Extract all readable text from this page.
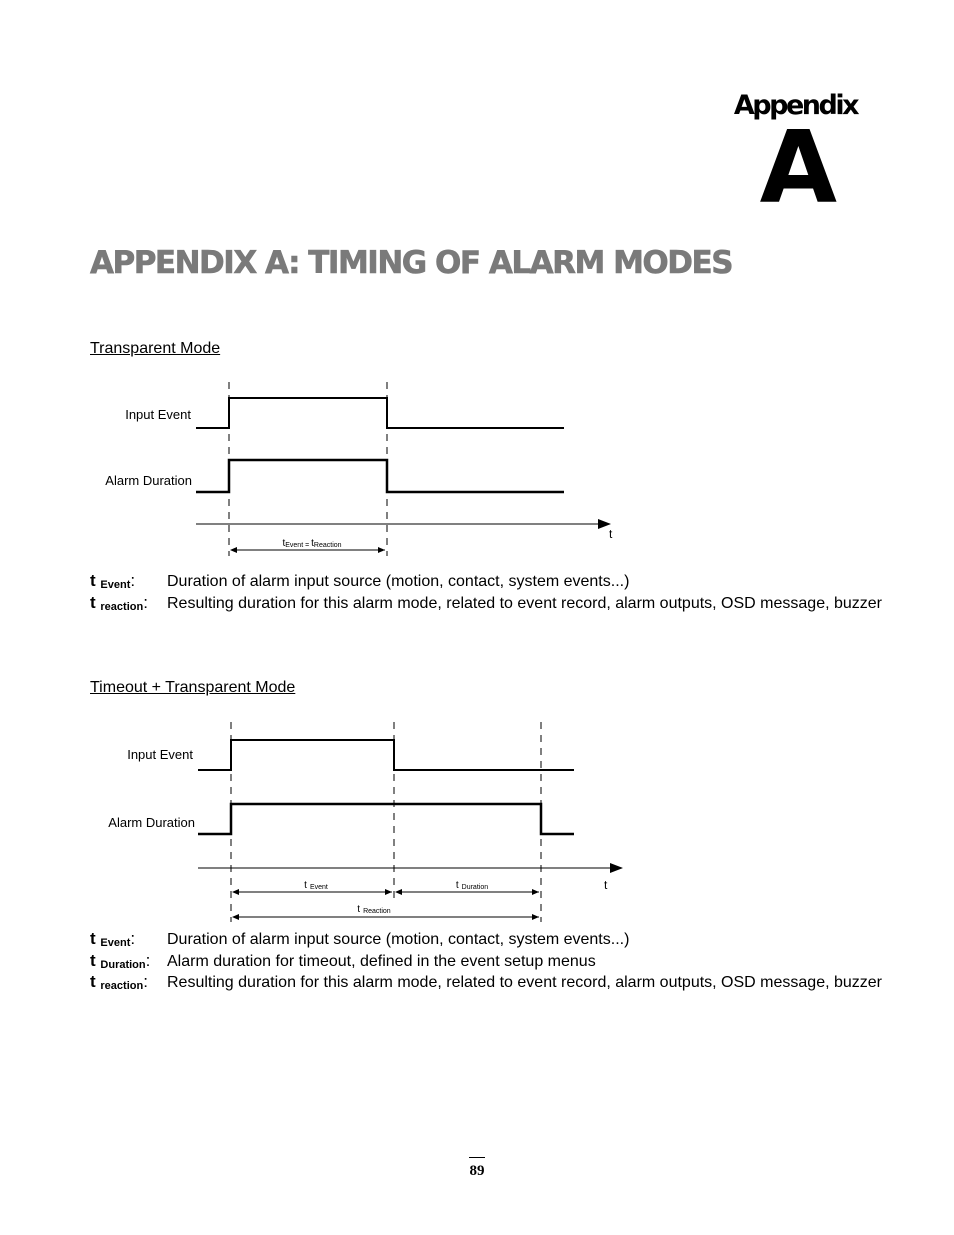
Appendix
A
APPENDIX A: TIMING OF ALARM MODES
Transparent Mode
Input Event
Alarm Duration
t
tEvent = tReaction
t $_{Event}$: Duration of alarm input source (motion, contact, system events...)
t $_{reaction}$: Resulting duration for this alarm mode, related to event record, alarm outputs, OSD message, buzzer
Timeout + Transparent Mode
Input Event
Alarm Duration
t
t Event	t Duration
t Reaction
t $_{Event}$: Duration of alarm input source (motion, contact, system events...)
t $_{Duration}$: Alarm duration for timeout, defined in the event setup menus
t $_{reaction}$: Resulting duration for this alarm mode, related to event record, alarm outputs, OSD message, buzzer
89
